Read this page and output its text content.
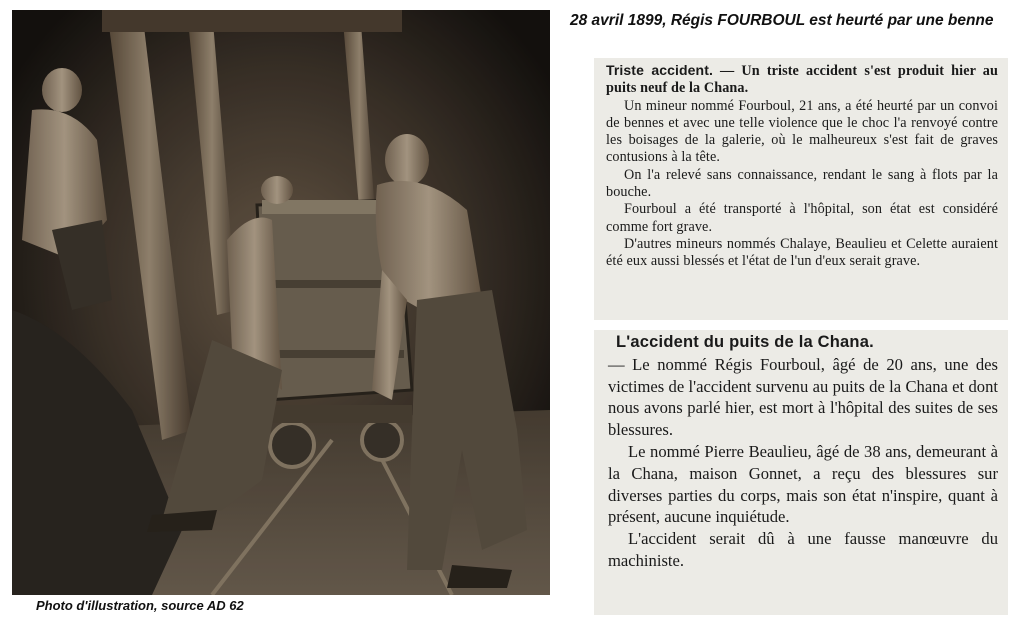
28 avril 1899, Régis FOURBOUL est heurté par une benne
Photo d'illustration, source AD 62

Triste accident. — Un triste accident s'est produit hier au puits neuf de la Chana.

Un mineur nommé Fourboul, 21 ans, a été heurté par un convoi de bennes et avec une telle violence que le choc l'a renvoyé contre les boisages de la galerie, où le malheureux s'est fait de graves contusions à la tête.

On l'a relevé sans connaissance, rendant le sang à flots par la bouche.

Fourboul a été transporté à l'hôpital, son état est considéré comme fort grave.

D'autres mineurs nommés Chalaye, Beaulieu et Celette auraient été eux aussi blessés et l'état de l'un d'eux serait grave.

L'accident du puits de la Chana.

— Le nommé Régis Fourboul, âgé de 20 ans, une des victimes de l'accident survenu au puits de la Chana et dont nous avons parlé hier, est mort à l'hôpital des suites de ses blessures.

Le nommé Pierre Beaulieu, âgé de 38 ans, demeurant à la Chana, maison Gonnet, a reçu des blessures sur diverses parties du corps, mais son état n'inspire, quant à présent, aucune inquiétude.

L'accident serait dû à une fausse manœuvre du machiniste.
